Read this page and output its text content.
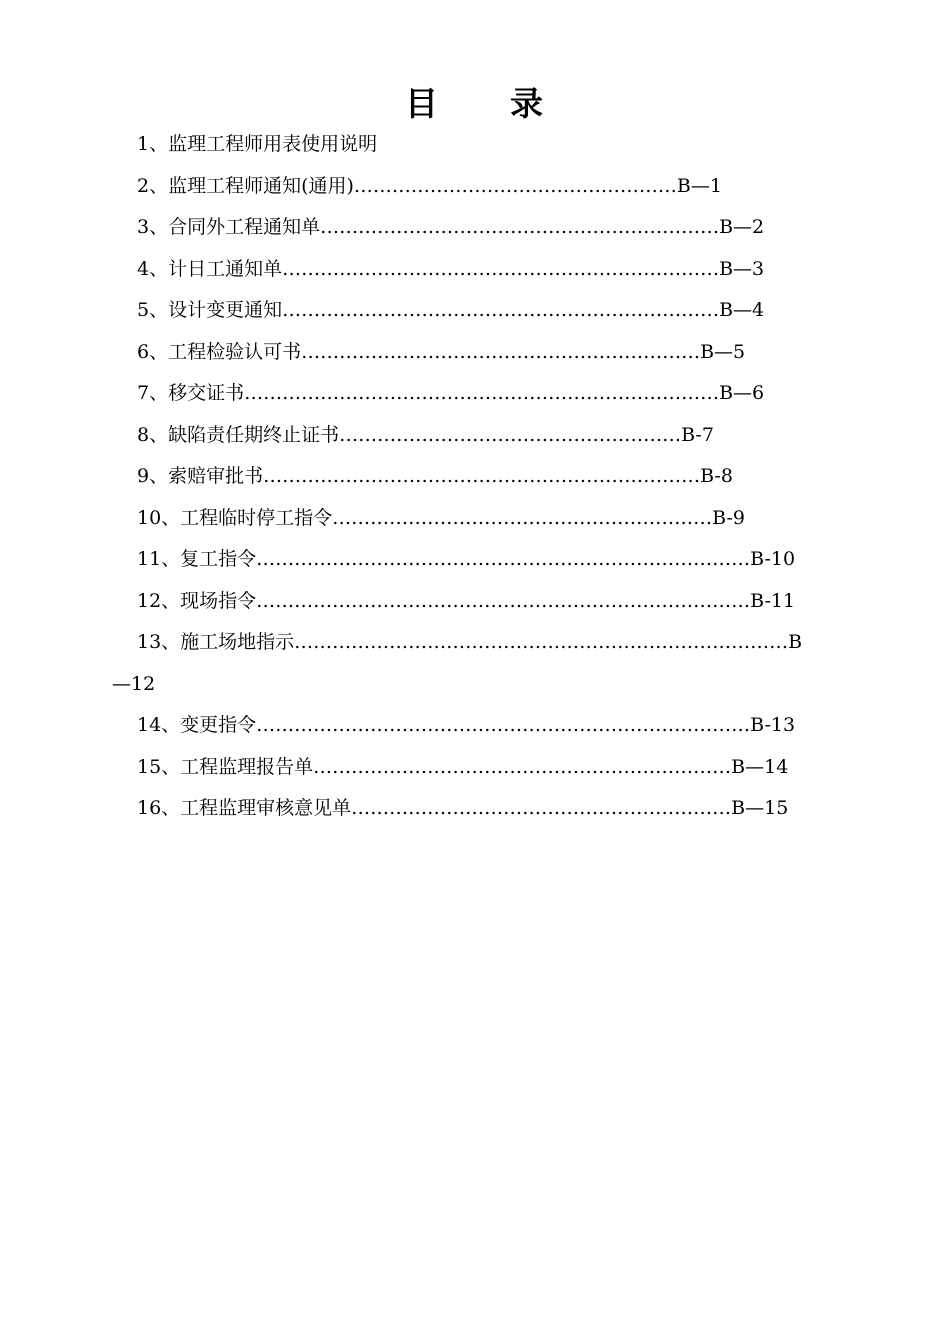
目　　录
1、监理工程师用表使用说明
2、监理工程师通知(通用)……………………………………………B—1
3、合同外工程通知单………………………………………………………B—2
4、计日工通知单……………………………………………………………B—3
5、设计变更通知……………………………………………………………B—4
6、工程检验认可书………………………………………………………B—5
7、移交证书…………………………………………………………………B—6
8、缺陷责任期终止证书………………………………………………B-7
9、索赔审批书……………………………………………………………B-8
10、工程临时停工指令……………………………………………………B-9
11、复工指令……………………………………………………………………B-10
12、现场指令……………………………………………………………………B-11
13、施工场地指示……………………………………………………………………B
—12
14、变更指令……………………………………………………………………B-13
15、工程监理报告单…………………………………………………………B—14
16、工程监理审核意见单……………………………………………………B—15
